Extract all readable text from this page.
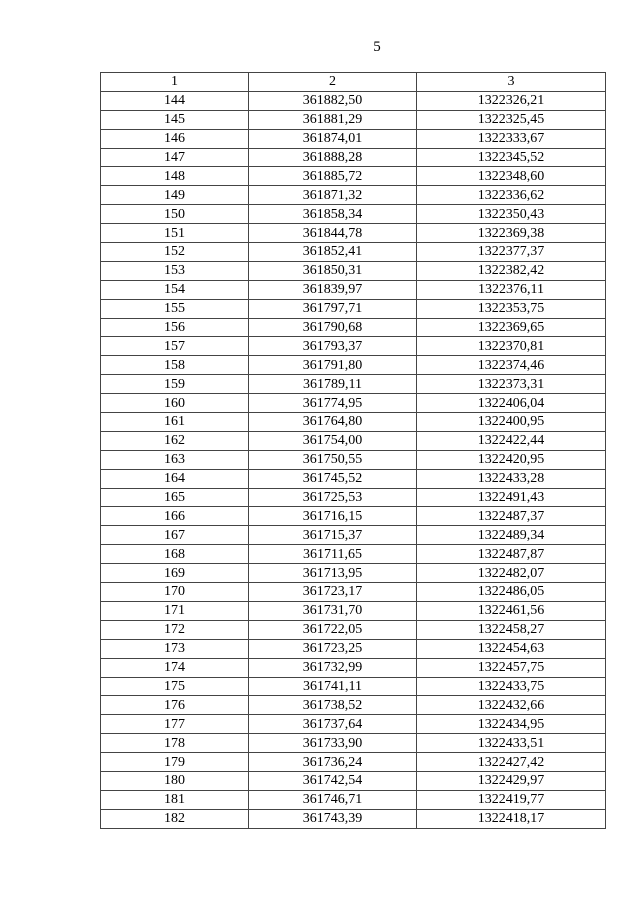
5
1	2	3
144	361882,50	1322326,21
145	361881,29	1322325,45
146	361874,01	1322333,67
147	361888,28	1322345,52
148	361885,72	1322348,60
149	361871,32	1322336,62
150	361858,34	1322350,43
151	361844,78	1322369,38
152	361852,41	1322377,37
153	361850,31	1322382,42
154	361839,97	1322376,11
155	361797,71	1322353,75
156	361790,68	1322369,65
157	361793,37	1322370,81
158	361791,80	1322374,46
159	361789,11	1322373,31
160	361774,95	1322406,04
161	361764,80	1322400,95
162	361754,00	1322422,44
163	361750,55	1322420,95
164	361745,52	1322433,28
165	361725,53	1322491,43
166	361716,15	1322487,37
167	361715,37	1322489,34
168	361711,65	1322487,87
169	361713,95	1322482,07
170	361723,17	1322486,05
171	361731,70	1322461,56
172	361722,05	1322458,27
173	361723,25	1322454,63
174	361732,99	1322457,75
175	361741,11	1322433,75
176	361738,52	1322432,66
177	361737,64	1322434,95
178	361733,90	1322433,51
179	361736,24	1322427,42
180	361742,54	1322429,97
181	361746,71	1322419,77
182	361743,39	1322418,17
